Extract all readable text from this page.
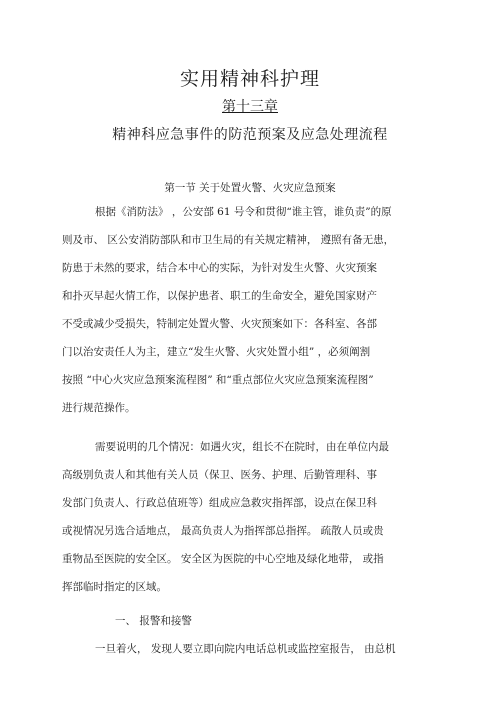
实用精神科护理
第十三章
精神科应急事件的防范预案及应急处理流程
第一节 关于处置火警、火灾应急预案
根据《消防法》 ，公安部 61 号令和贯彻“谁主管，谁负责”的原
则及市、 区公安消防部队和市卫生局的有关规定精神， 遵照有备无患，
防患于未然的要求，结合本中心的实际，为针对发生火警、火灾预案
和扑灭早起火情工作，以保护患者、职工的生命安全，避免国家财产
不受或减少受损失，特制定处置火警、火灾预案如下：各科室、各部
门以治安责任人为主，建立“发生火警、火灾处置小组” ，必须阐割
按照 “中心火灾应急预案流程图” 和“重点部位火灾应急预案流程图”
进行规范操作。
需要说明的几个情况：如遇火灾，组长不在院时，由在单位内最
高级别负责人和其他有关人员（保卫、医务、护理、后勤管理科、事
发部门负责人、行政总值班等）组成应急救灾指挥部，设点在保卫科
或视情况另选合适地点， 最高负责人为指挥部总指挥。 疏散人员或贵
重物品至医院的安全区。 安全区为医院的中心空地及绿化地带， 或指
挥部临时指定的区域。
一、 报警和接警
一旦着火， 发现人要立即向院内电话总机或监控室报告， 由总机
